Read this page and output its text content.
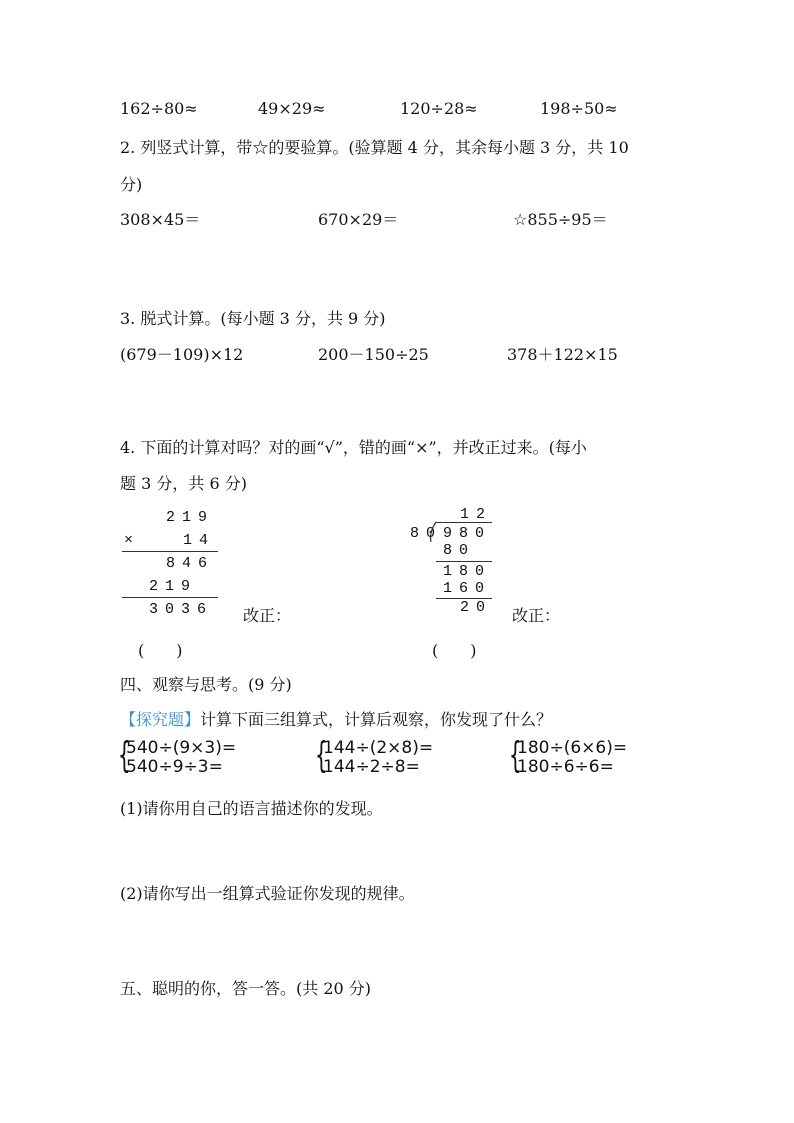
162÷80≈	49×29≈	120÷28≈	198÷50≈
2. 列竖式计算，带☆的要验算。(验算题 4 分，其余每小题 3 分，共 10
分)
308×45＝	670×29＝	☆855÷95＝
3. 脱式计算。(每小题 3 分，共 9 分)
(679－109)×12	200－150÷25	378＋122×15
4. 下面的计算对吗？对的画“√”，错的画“×”，并改正过来。(每小
题 3 分，共 6 分)
219
×	14
846
219
3036 改正：
(　　)
12
80 980
80
180
160
20 改正：
(　　)
四、观察与思考。(9 分)
【探究题】计算下面三组算式，计算后观察，你发现了什么？
{
540÷(9×3)=
540÷9÷3=	{
144÷(2×8)=
144÷2÷8= {
180÷(6×6)=
180÷6÷6=
(1)请你用自己的语言描述你的发现。
(2)请你写出一组算式验证你发现的规律。
五、聪明的你，答一答。(共 20 分)
